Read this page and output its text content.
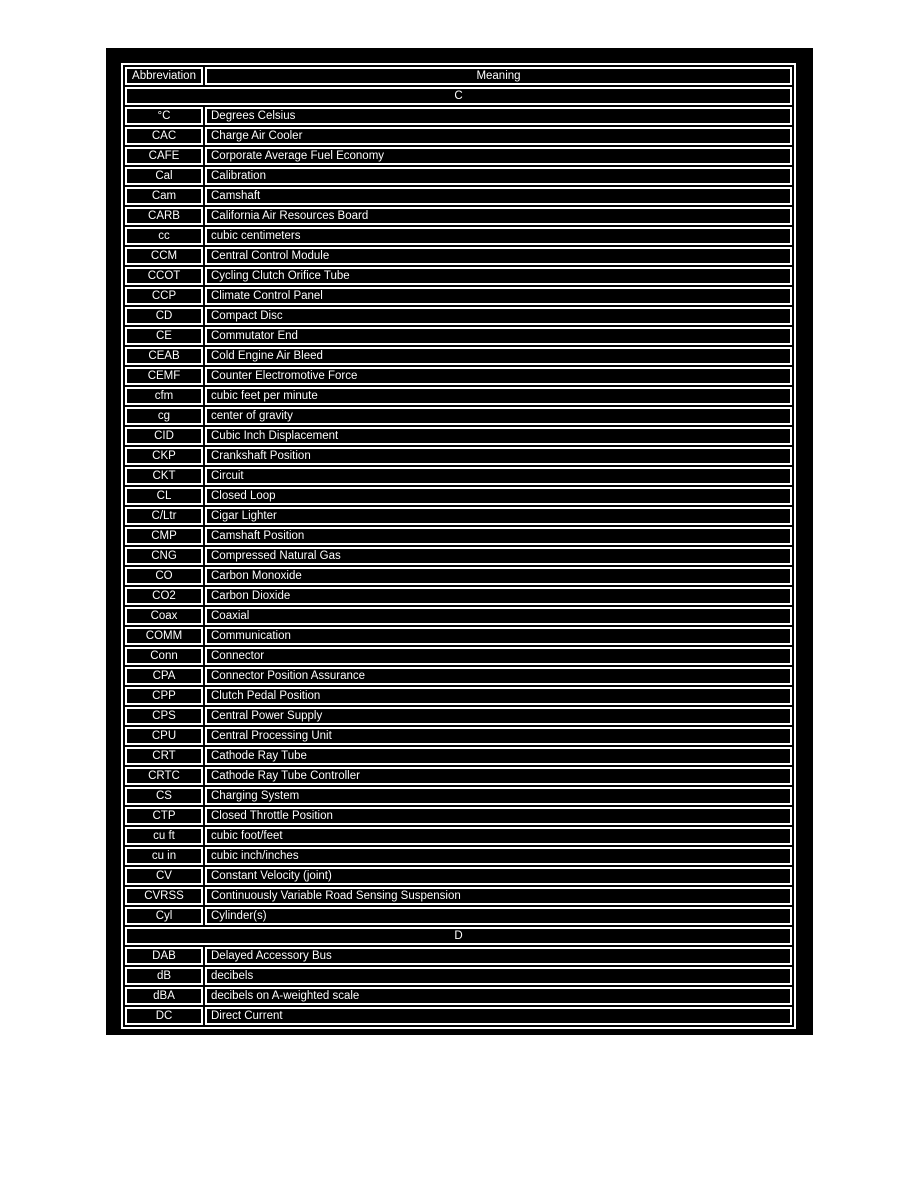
Abbreviation	Meaning
C	
°C	Degrees Celsius
CAC	Charge Air Cooler
CAFE	Corporate Average Fuel Economy
Cal	Calibration
Cam	Camshaft
CARB	California Air Resources Board
cc	cubic centimeters
CCM	Central Control Module
CCOT	Cycling Clutch Orifice Tube
CCP	Climate Control Panel
CD	Compact Disc
CE	Commutator End
CEAB	Cold Engine Air Bleed
CEMF	Counter Electromotive Force
cfm	cubic feet per minute
cg	center of gravity
CID	Cubic Inch Displacement
CKP	Crankshaft Position
CKT	Circuit
CL	Closed Loop
C/Ltr	Cigar Lighter
CMP	Camshaft Position
CNG	Compressed Natural Gas
CO	Carbon Monoxide
CO2	Carbon Dioxide
Coax	Coaxial
COMM	Communication
Conn	Connector
CPA	Connector Position Assurance
CPP	Clutch Pedal Position
CPS	Central Power Supply
CPU	Central Processing Unit
CRT	Cathode Ray Tube
CRTC	Cathode Ray Tube Controller
CS	Charging System
CTP	Closed Throttle Position
cu ft	cubic foot/feet
cu in	cubic inch/inches
CV	Constant Velocity (joint)
CVRSS	Continuously Variable Road Sensing Suspension
Cyl	Cylinder(s)
D	
DAB	Delayed Accessory Bus
dB	decibels
dBA	decibels on A-weighted scale
DC	Direct Current
